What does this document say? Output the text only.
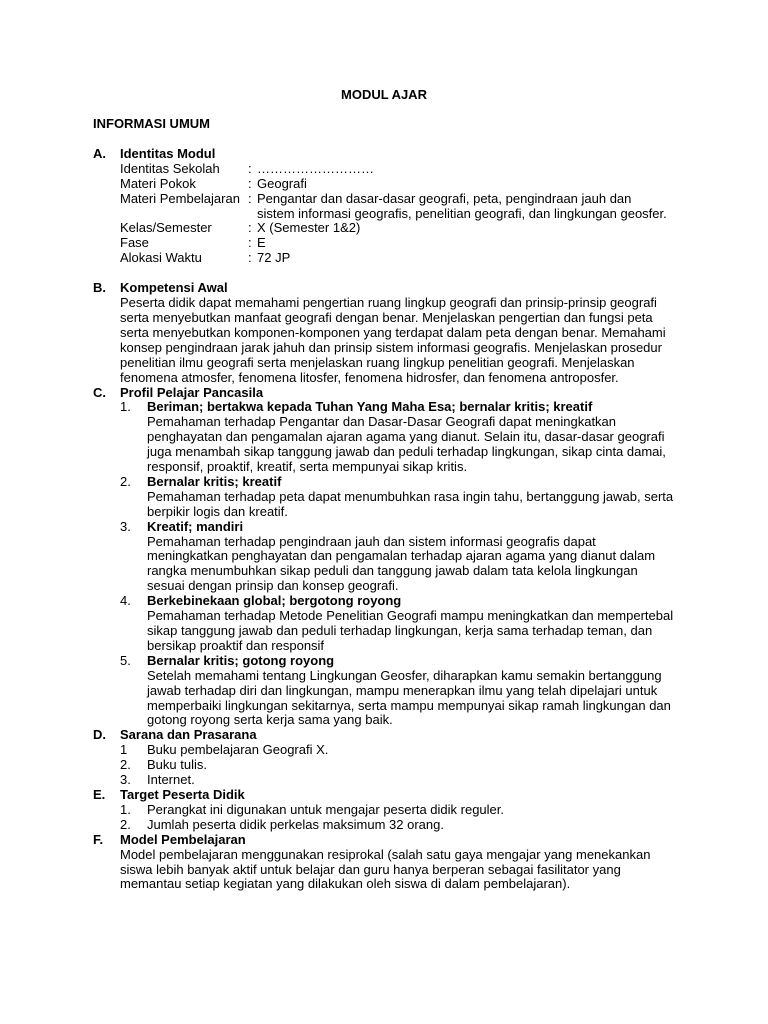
MODUL AJAR
INFORMASI UMUM
A.	Identitas Modul
Identitas Sekolah	: ………………………
Materi Pokok	: Geografi
Materi Pembelajaran : Pengantar dan dasar-dasar geografi, peta, pengindraan jauh dan
sistem informasi geografis, penelitian geografi, dan lingkungan geosfer.
Kelas/Semester	: X (Semester 1&2)
Fase	: E
Alokasi Waktu	: 72 JP
B.	Kompetensi Awal
Peserta didik dapat memahami pengertian ruang lingkup geografi dan prinsip-prinsip geografi
serta menyebutkan manfaat geografi dengan benar. Menjelaskan pengertian dan fungsi peta
serta menyebutkan komponen-komponen yang terdapat dalam peta dengan benar. Memahami
konsep pengindraan jarak jahuh dan prinsip sistem informasi geografis. Menjelaskan prosedur
penelitian ilmu geografi serta menjelaskan ruang lingkup penelitian geografi. Menjelaskan
fenomena atmosfer, fenomena litosfer, fenomena hidrosfer, dan fenomena antroposfer.
C.	Profil Pelajar Pancasila
1.	Beriman; bertakwa kepada Tuhan Yang Maha Esa; bernalar kritis; kreatif
Pemahaman terhadap Pengantar dan Dasar-Dasar Geografi dapat meningkatkan
penghayatan dan pengamalan ajaran agama yang dianut. Selain itu, dasar-dasar geografi
juga menambah sikap tanggung jawab dan peduli terhadap lingkungan, sikap cinta damai,
responsif, proaktif, kreatif, serta mempunyai sikap kritis.
2.	Bernalar kritis; kreatif
Pemahaman terhadap peta dapat menumbuhkan rasa ingin tahu, bertanggung jawab, serta
berpikir logis dan kreatif.
3.	Kreatif; mandiri
Pemahaman terhadap pengindraan jauh dan sistem informasi geografis dapat
meningkatkan penghayatan dan pengamalan terhadap ajaran agama yang dianut dalam
rangka menumbuhkan sikap peduli dan tanggung jawab dalam tata kelola lingkungan
sesuai dengan prinsip dan konsep geografi.
4.	Berkebinekaan global; bergotong royong
Pemahaman terhadap Metode Penelitian Geografi mampu meningkatkan dan mempertebal
sikap tanggung jawab dan peduli terhadap lingkungan, kerja sama terhadap teman, dan
bersikap proaktif dan responsif
5.	Bernalar kritis; gotong royong
Setelah memahami tentang Lingkungan Geosfer, diharapkan kamu semakin bertanggung
jawab terhadap diri dan lingkungan, mampu menerapkan ilmu yang telah dipelajari untuk
memperbaiki lingkungan sekitarnya, serta mampu mempunyai sikap ramah lingkungan dan
gotong royong serta kerja sama yang baik.
D.	Sarana dan Prasarana
1	Buku pembelajaran Geografi X.
2.	Buku tulis.
3.	Internet.
E.	Target Peserta Didik
1.	Perangkat ini digunakan untuk mengajar peserta didik reguler.
2.	Jumlah peserta didik perkelas maksimum 32 orang.
F.	Model Pembelajaran
Model pembelajaran menggunakan resiprokal (salah satu gaya mengajar yang menekankan
siswa lebih banyak aktif untuk belajar dan guru hanya berperan sebagai fasilitator yang
memantau setiap kegiatan yang dilakukan oleh siswa di dalam pembelajaran).
